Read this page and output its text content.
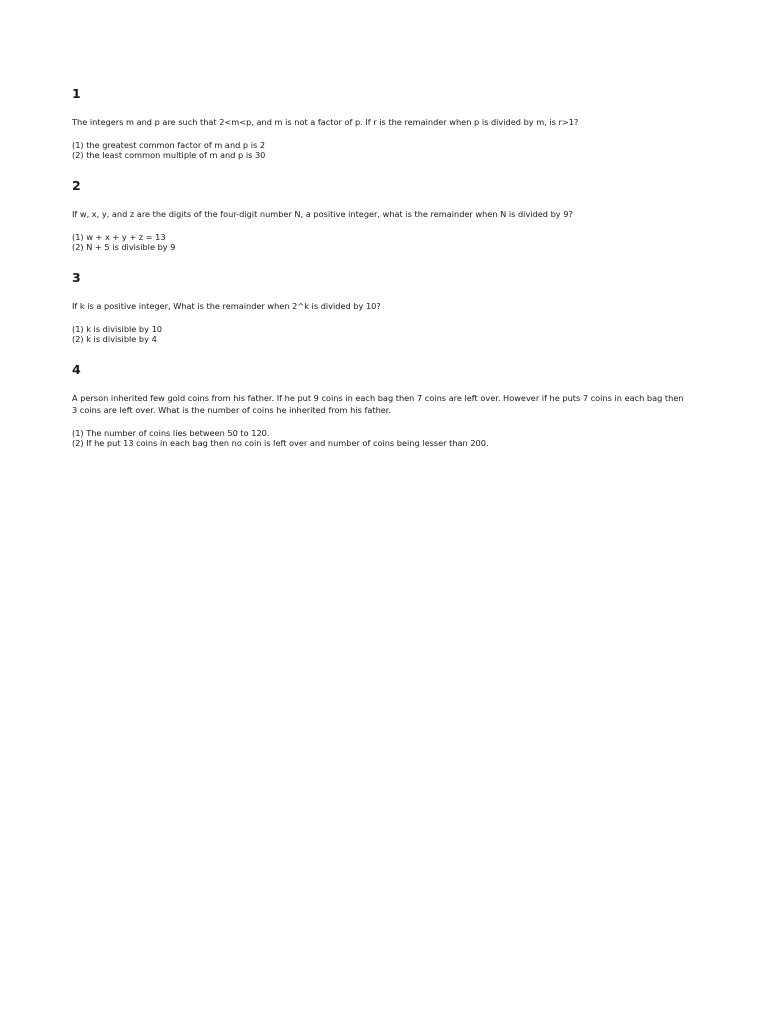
1
The integers m and p are such that 2<m<p, and m is not a factor of p. If r is the remainder when p is divided by m, is r>1?
(1) the greatest common factor of m and p is 2
(2) the least common multiple of m and p is 30
2
If w, x, y, and z are the digits of the four-digit number N, a positive integer, what is the remainder when N is divided by 9?
(1) w + x + y + z = 13
(2) N + 5 is divisible by 9
3
If k is a positive integer, What is the remainder when 2^k is divided by 10?
(1) k is divisible by 10
(2) k is divisible by 4
4
A person inherited few gold coins from his father. If he put 9 coins in each bag then 7 coins are left over. However if he puts 7 coins in each bag then 3 coins are left over. What is the number of coins he inherited from his father.
(1) The number of coins lies between 50 to 120.
(2) If he put 13 coins in each bag then no coin is left over and number of coins being lesser than 200.
